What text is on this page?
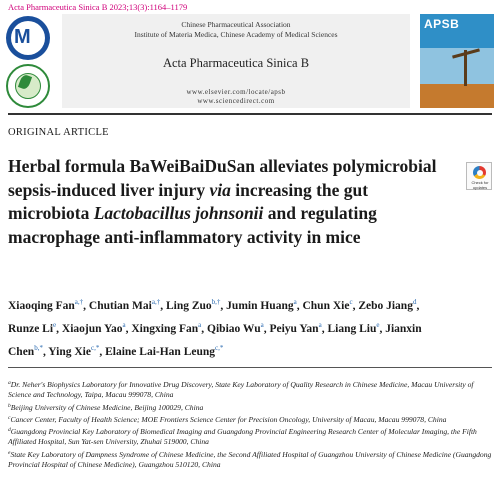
Acta Pharmaceutica Sinica B 2023;13(3):1164–1179
M
Chinese Pharmaceutical Association
Institute of Materia Medica, Chinese Academy of Medical Sciences
Acta Pharmaceutica Sinica B
www.elsevier.com/locate/apsb
www.sciencedirect.com
APSB
ORIGINAL ARTICLE
Herbal formula BaWeiBaiDuSan alleviates polymicrobial sepsis-induced liver injury via increasing the gut microbiota Lactobacillus johnsonii and regulating macrophage anti-inflammatory activity in mice
Check for
updates
Xiaoqing Fan$^{a,\dagger}$, Chutian Mai$^{a,\dagger}$, Ling Zuo$^{b,\dagger}$, Jumin Huang$^a$, Chun Xie$^c$, Zebo Jiang$^d$, Runze Li$^e$, Xiaojun Yao$^a$, Xingxing Fan$^a$, Qibiao Wu$^a$, Peiyu Yan$^a$, Liang Liu$^e$, Jianxin Chen$^{b,*}$, Ying Xie$^{c,*}$, Elaine Lai-Han Leung$^{c,*}$
$^a$Dr. Neher's Biophysics Laboratory for Innovative Drug Discovery, State Key Laboratory of Quality Research in Chinese Medicine, Macau University of Science and Technology, Taipa, Macau 999078, China
$^b$Beijing University of Chinese Medicine, Beijing 100029, China
$^c$Cancer Center, Faculty of Health Science; MOE Frontiers Science Center for Precision Oncology, University of Macau, Macau 999078, China
$^d$Guangdong Provincial Key Laboratory of Biomedical Imaging and Guangdong Provincial Engineering Research Center of Molecular Imaging, the Fifth Affiliated Hospital, Sun Yat-sen University, Zhuhai 519000, China
$^e$State Key Laboratory of Dampness Syndrome of Chinese Medicine, the Second Affiliated Hospital of Guangzhou University of Chinese Medicine (Guangdong Provincial Hospital of Chinese Medicine), Guangzhou 510120, China
